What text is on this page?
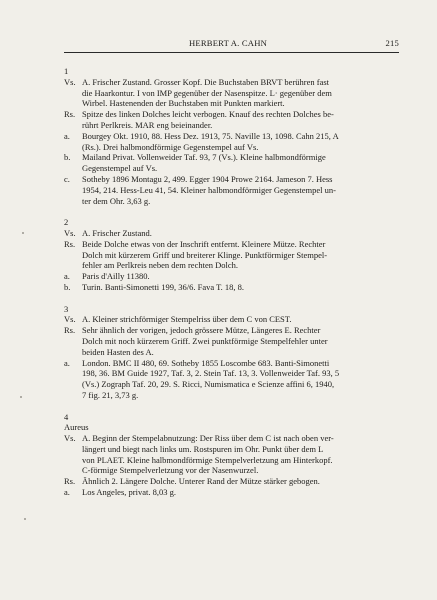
HERBERT A. CAHN	215
1
Vs. A. Frischer Zustand. Grosser Kopf. Die Buchstaben BRVT berühren fast
die Haarkontur. I von IMP gegenüber der Nasenspitze. L· gegenüber dem
Wirbel. Hastenenden der Buchstaben mit Punkten markiert.
Rs. Spitze des linken Dolches leicht verbogen. Knauf des rechten Dolches be-
rührt Perlkreis. MAR eng beieinander.
a. Bourgey Okt. 1910, 88. Hess Dez. 1913, 75. Naville 13, 1098. Cahn 215, A
(Rs.). Drei halbmondförmige Gegenstempel auf Vs.
b. Mailand Privat. Vollenweider Taf. 93, 7 (Vs.). Kleine halbmondförmige
Gegenstempel auf Vs.
c. Sotheby 1896 Montagu 2, 499. Egger 1904 Prowe 2164. Jameson 7. Hess
1954, 214. Hess-Leu 41, 54. Kleiner halbmondförmiger Gegenstempel un-
ter dem Ohr. 3,63 g.
2
Vs. A. Frischer Zustand.
Rs. Beide Dolche etwas von der Inschrift entfernt. Kleinere Mütze. Rechter
Dolch mit kürzerem Griff und breiterer Klinge. Punktförmiger Stempel-
fehler am Perlkreis neben dem rechten Dolch.
a. Paris d'Ailly 11380.
b. Turin. Banti-Simonetti 199, 36/6. Fava T. 18, 8.
3
Vs. A. Kleiner strichförmiger Stempelriss über dem C von CEST.
Rs. Sehr ähnlich der vorigen, jedoch grössere Mütze, Längeres E. Rechter
Dolch mit noch kürzerem Griff. Zwei punktförmige Stempelfehler unter
beiden Hasten des A.
a. London. BMC II 480, 69. Sotheby 1855 Loscombe 683. Banti-Simonetti
198, 36. BM Guide 1927, Taf. 3, 2. Stein Taf. 13, 3. Vollenweider Taf. 93, 5
(Vs.) Zograph Taf. 20, 29. S. Ricci, Numismatica e Scienze affini 6, 1940,
7 fig. 21, 3,73 g.
4
Aureus
Vs. A. Beginn der Stempelabnutzung: Der Riss über dem C ist nach oben ver-
längert und biegt nach links um. Rostspuren im Ohr. Punkt über dem L
von PLAET. Kleine halbmondförmige Stempelverletzung am Hinterkopf.
C-förmige Stempelverletzung vor der Nasenwurzel.
Rs. Ähnlich 2. Längere Dolche. Unterer Rand der Mütze stärker gebogen.
a. Los Angeles, privat. 8,03 g.
